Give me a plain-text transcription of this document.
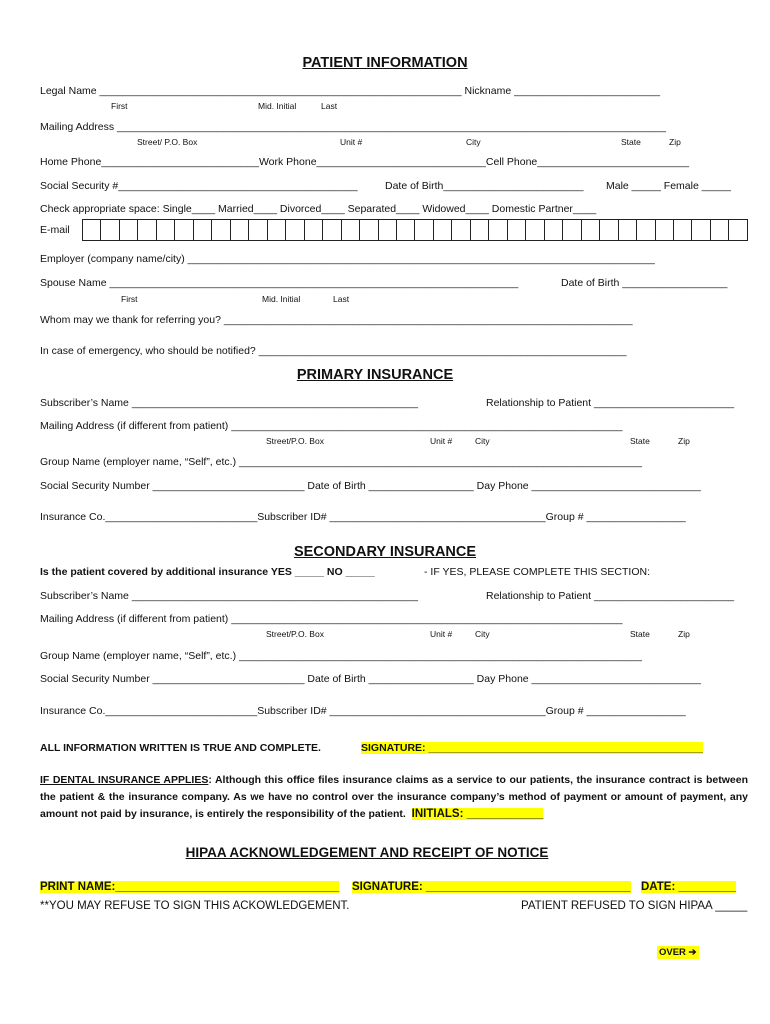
PATIENT INFORMATION
Legal Name ______________________________________________________________ Nickname _________________________
First	Mid. Initial	Last
Mailing Address ______________________________________________________________________________________________
Street/ P.O. Box	Unit #	City	State	Zip
Home Phone___________________________Work Phone_____________________________Cell Phone__________________________
Social Security #_________________________________________	Date of Birth________________________ Male _____ Female _____
Check appropriate space: Single____ Married____ Divorced____ Separated____ Widowed____ Domestic Partner____
E-mail
Employer (company name/city) ________________________________________________________________________________
Spouse Name ______________________________________________________________________	Date of Birth __________________
First	Mid. Initial	Last
Whom may we thank for referring you? ______________________________________________________________________
In case of emergency, who should be notified? _______________________________________________________________
PRIMARY INSURANCE
Subscriber’s Name _________________________________________________	Relationship to Patient ________________________
Mailing Address (if different from patient) ___________________________________________________________________
Street/P.O. Box	Unit #	City	State	Zip
Group Name (employer name, “Self”, etc.) _____________________________________________________________________
Social Security Number __________________________ Date of Birth __________________ Day Phone _____________________________
Insurance Co.__________________________Subscriber ID# _____________________________________Group # _________________
SECONDARY INSURANCE
Is the patient covered by additional insurance YES _____ NO _____	- IF YES, PLEASE COMPLETE THIS SECTION:
Subscriber’s Name _________________________________________________	Relationship to Patient ________________________
Mailing Address (if different from patient) ___________________________________________________________________
Street/P.O. Box	Unit #	City	State	Zip
Group Name (employer name, “Self”, etc.) _____________________________________________________________________
Social Security Number __________________________ Date of Birth __________________ Day Phone _____________________________
Insurance Co.__________________________Subscriber ID# _____________________________________Group # _________________
ALL INFORMATION WRITTEN IS TRUE AND COMPLETE.	SIGNATURE: _______________________________________________
IF DENTAL INSURANCE APPLIES: Although this office files insurance claims as a service to our patients, the insurance contract is between the patient & the insurance company. As we have no control over the insurance company’s method of payment or amount of payment, any amount not paid by insurance, is entirely the responsibility of the patient. INITIALS: ____________
HIPAA ACKNOWLEDGEMENT AND RECEIPT OF NOTICE
PRINT NAME:___________________________________ SIGNATURE: ________________________________ DATE: _________
**YOU MAY REFUSE TO SIGN THIS ACKOWLEDGEMENT.	PATIENT REFUSED TO SIGN HIPAA _____
OVER ➔
